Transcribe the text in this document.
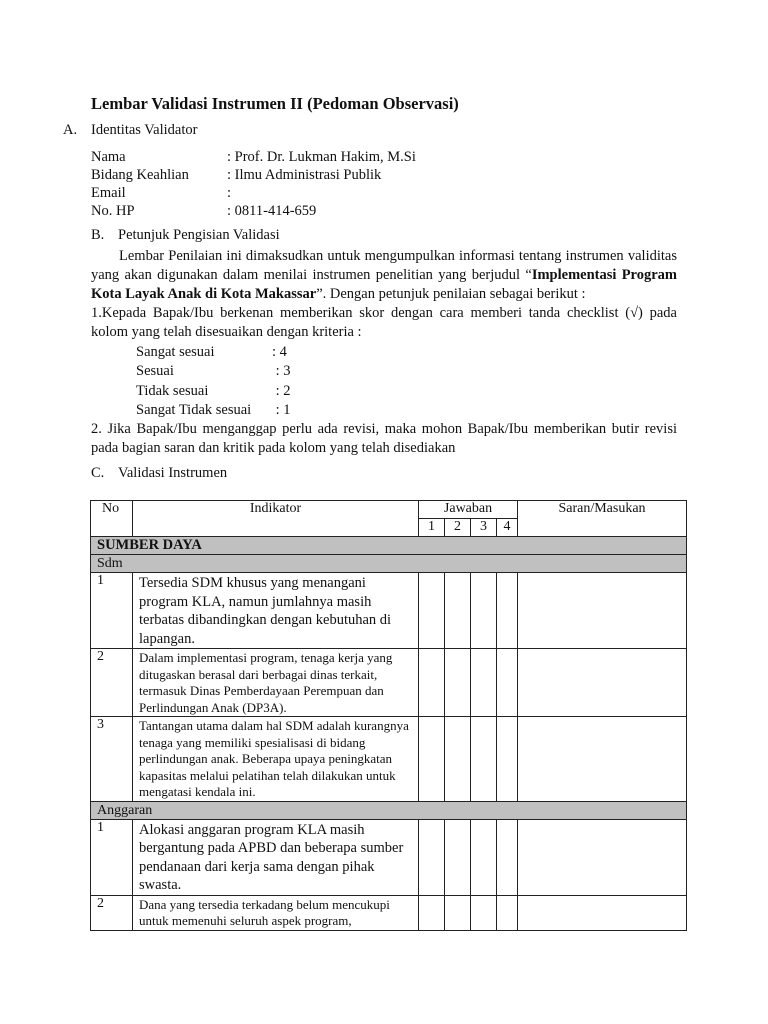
Lembar Validasi Instrumen II (Pedoman Observasi)
A. Identitas Validator
Nama	: Prof. Dr. Lukman Hakim, M.Si
Bidang Keahlian	: Ilmu Administrasi Publik
Email	:
No. HP	: 0811-414-659
B. Petunjuk Pengisian Validasi
Lembar Penilaian ini dimaksudkan untuk mengumpulkan informasi tentang instrumen validitas yang akan digunakan dalam menilai instrumen penelitian yang berjudul “Implementasi Program Kota Layak Anak di Kota Makassar”. Dengan petunjuk penilaian sebagai berikut :
1.Kepada Bapak/Ibu berkenan memberikan skor dengan cara memberi tanda checklist (√) pada kolom yang telah disesuaikan dengan kriteria :
Sangat sesuai	: 4
Sesuai	: 3
Tidak sesuai	: 2
Sangat Tidak sesuai	: 1
2. Jika Bapak/Ibu menganggap perlu ada revisi, maka mohon Bapak/Ibu memberikan butir revisi pada bagian saran dan kritik pada kolom yang telah disediakan
C. Validasi Instrumen
No	Indikator	Jawaban				Saran/Masukan
		1	2	3	4	
SUMBER DAYA						
Sdm						
1	Tersedia SDM khusus yang menangani program KLA, namun jumlahnya masih terbatas dibandingkan dengan kebutuhan di lapangan.					
2	Dalam implementasi program, tenaga kerja yang ditugaskan berasal dari berbagai dinas terkait, termasuk Dinas Pemberdayaan Perempuan dan Perlindungan Anak (DP3A).					
3	Tantangan utama dalam hal SDM adalah kurangnya tenaga yang memiliki spesialisasi di bidang perlindungan anak. Beberapa upaya peningkatan kapasitas melalui pelatihan telah dilakukan untuk mengatasi kendala ini.					
Anggaran						
1	Alokasi anggaran program KLA masih bergantung pada APBD dan beberapa sumber pendanaan dari kerja sama dengan pihak swasta.					
2	Dana yang tersedia terkadang belum mencukupi untuk memenuhi seluruh aspek program,					
